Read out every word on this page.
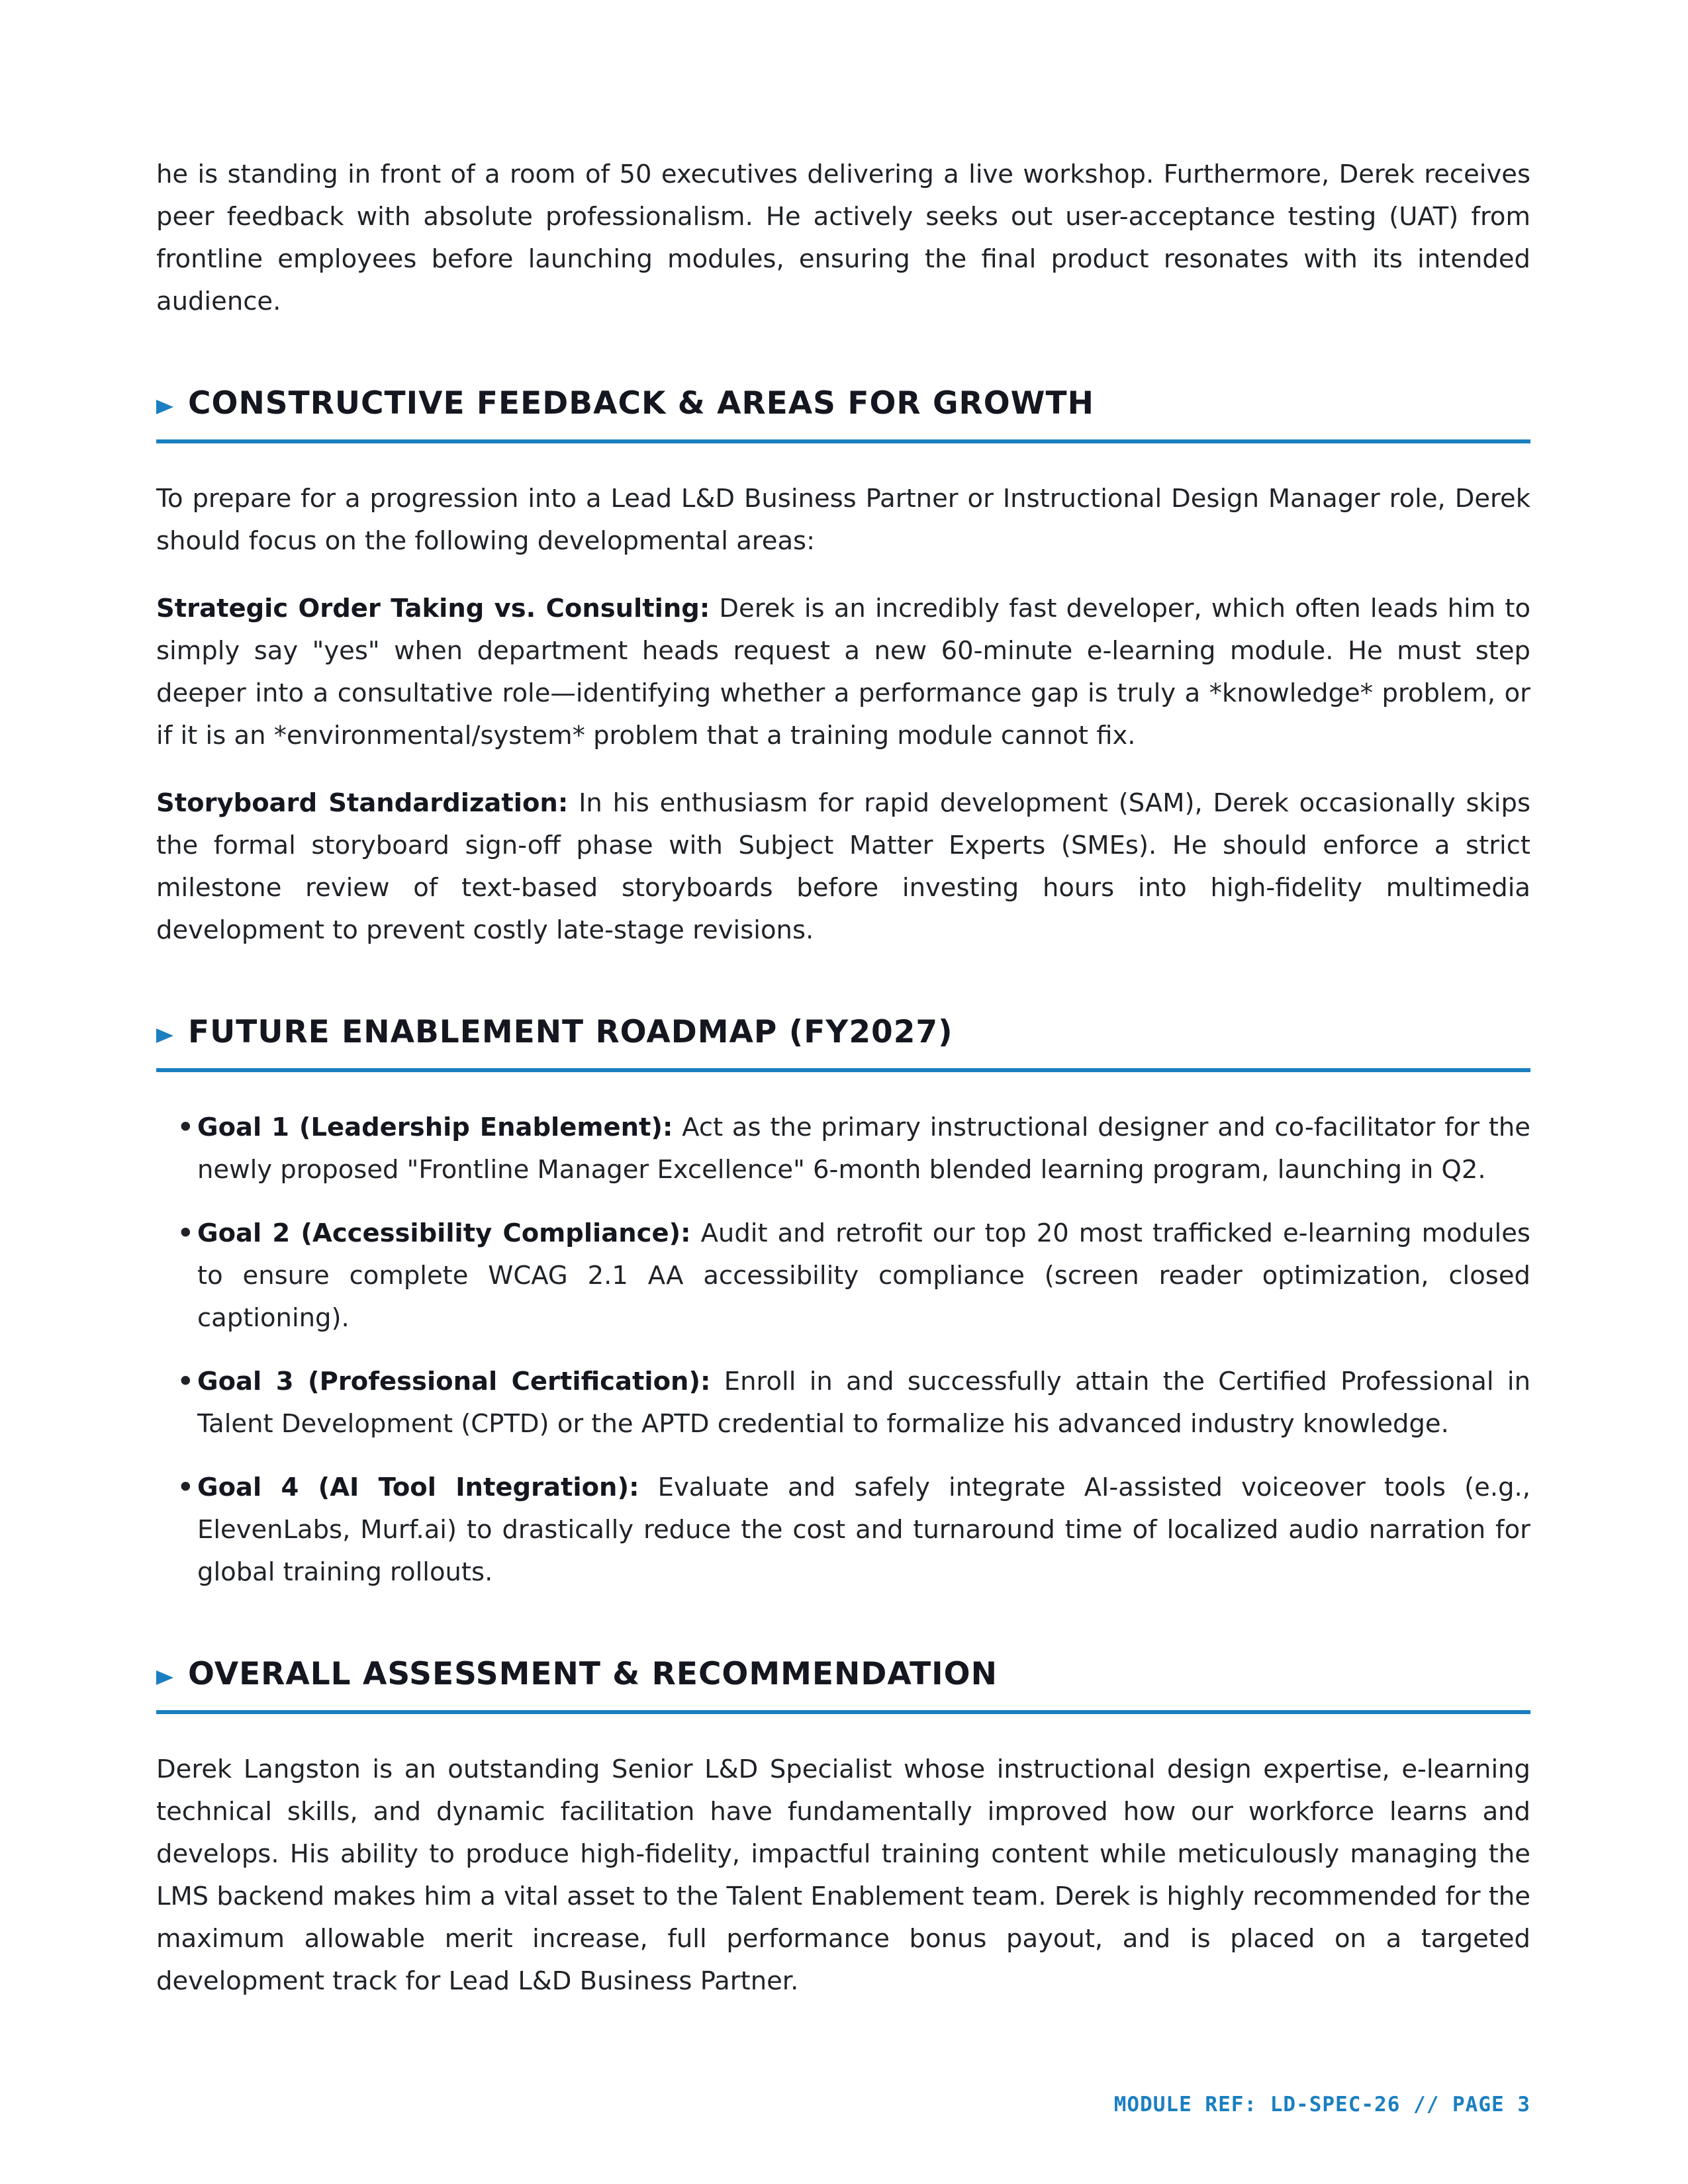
he is standing in front of a room of 50 executives delivering a live workshop. Furthermore, Derek receives peer feedback with absolute professionalism. He actively seeks out user-acceptance testing (UAT) from frontline employees before launching modules, ensuring the final product resonates with its intended audience.

CONSTRUCTIVE FEEDBACK & AREAS FOR GROWTH

To prepare for a progression into a Lead L&D Business Partner or Instructional Design Manager role, Derek should focus on the following developmental areas:

Strategic Order Taking vs. Consulting: Derek is an incredibly fast developer, which often leads him to simply say "yes" when department heads request a new 60-minute e-learning module. He must step deeper into a consultative role—identifying whether a performance gap is truly a *knowledge* problem, or if it is an *environmental/system* problem that a training module cannot fix.

Storyboard Standardization: In his enthusiasm for rapid development (SAM), Derek occasionally skips the formal storyboard sign-off phase with Subject Matter Experts (SMEs). He should enforce a strict milestone review of text-based storyboards before investing hours into high-fidelity multimedia development to prevent costly late-stage revisions.

FUTURE ENABLEMENT ROADMAP (FY2027)
• Goal 1 (Leadership Enablement): Act as the primary instructional designer and co-facilitator for the newly proposed "Frontline Manager Excellence" 6-month blended learning program, launching in Q2.
• Goal 2 (Accessibility Compliance): Audit and retrofit our top 20 most trafficked e-learning modules to ensure complete WCAG 2.1 AA accessibility compliance (screen reader optimization, closed captioning).
• Goal 3 (Professional Certification): Enroll in and successfully attain the Certified Professional in Talent Development (CPTD) or the APTD credential to formalize his advanced industry knowledge.
• Goal 4 (AI Tool Integration): Evaluate and safely integrate AI-assisted voiceover tools (e.g., ElevenLabs, Murf.ai) to drastically reduce the cost and turnaround time of localized audio narration for global training rollouts.
OVERALL ASSESSMENT & RECOMMENDATION

Derek Langston is an outstanding Senior L&D Specialist whose instructional design expertise, e-learning technical skills, and dynamic facilitation have fundamentally improved how our workforce learns and develops. His ability to produce high-fidelity, impactful training content while meticulously managing the LMS backend makes him a vital asset to the Talent Enablement team. Derek is highly recommended for the maximum allowable merit increase, full performance bonus payout, and is placed on a targeted development track for Lead L&D Business Partner.

MODULE REF: LD-SPEC-26 // PAGE 3
